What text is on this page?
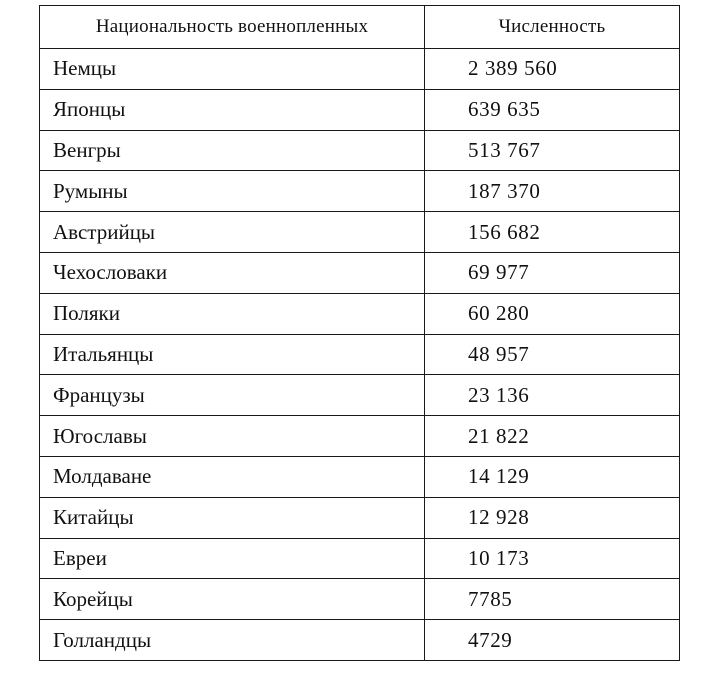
Национальность военнопленных	Численность
Немцы	2 389 560
Японцы	639 635
Венгры	513 767
Румыны	187 370
Австрийцы	156 682
Чехословаки	69 977
Поляки	60 280
Итальянцы	48 957
Французы	23 136
Югославы	21 822
Молдаване	14 129
Китайцы	12 928
Евреи	10 173
Корейцы	7785
Голландцы	4729
